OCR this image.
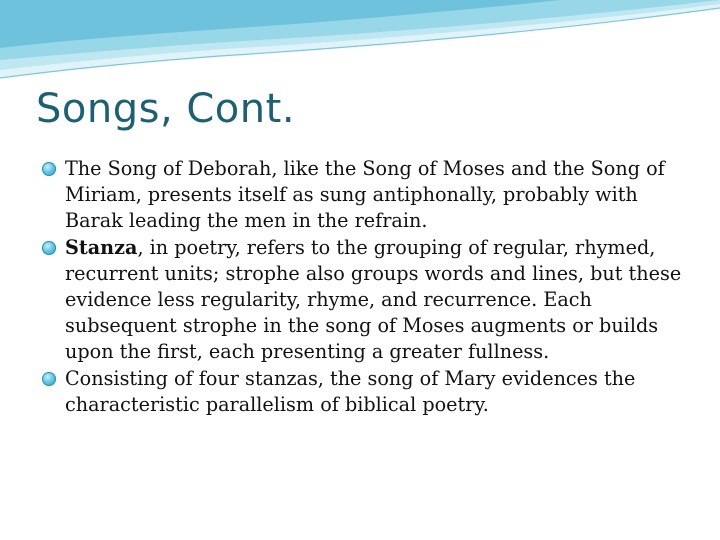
Songs, Cont.
The Song of Deborah, like the Song of Moses and the Song of Miriam, presents itself as sung antiphonally, probably with Barak leading the men in the refrain.
Stanza, in poetry, refers to the grouping of regular, rhymed, recurrent units; strophe also groups words and lines, but these evidence less regularity, rhyme, and recurrence. Each subsequent strophe in the song of Moses augments or builds upon the first, each presenting a greater fullness.
Consisting of four stanzas, the song of Mary evidences the characteristic parallelism of biblical poetry.
